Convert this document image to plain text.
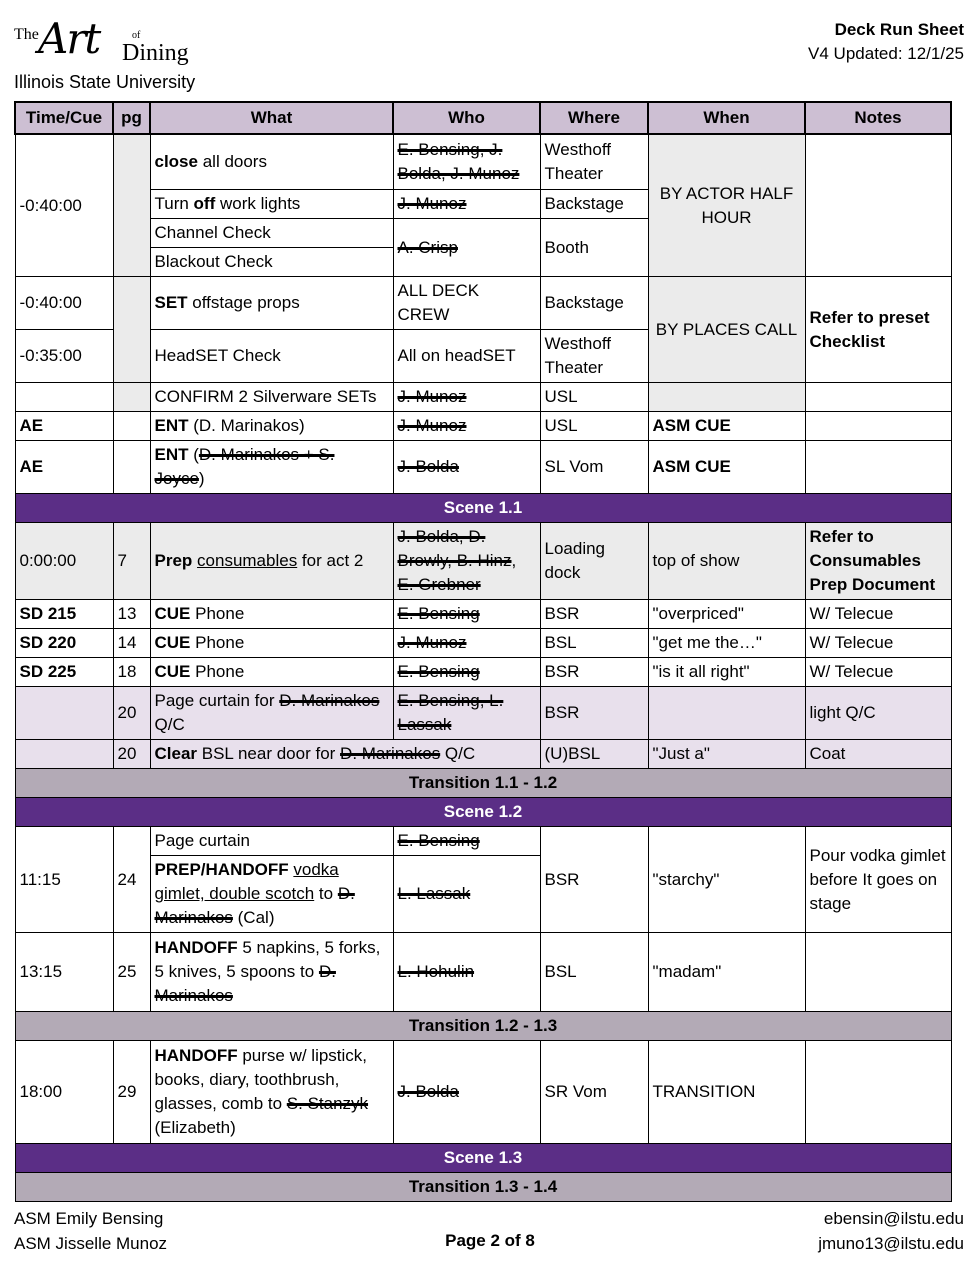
The Art	of
Dining
Illinois State University
Deck Run Sheet
V4 Updated: 12/1/25
Time/Cue	pg	What	Who	Where	When	Notes
-0:40:00		close all doors	E. Bensing, J. Bolda, J. Munoz	Westhoff Theater	BY ACTOR HALF HOUR	
		Turn off work lights	J. Munoz	Backstage		
		Channel Check	A. Crisp	Booth		
		Blackout Check				
-0:40:00		SET offstage props	ALL DECK CREW	Backstage	BY PLACES CALL	Refer to preset Checklist
-0:35:00		HeadSET Check	All on headSET	Westhoff Theater		
		CONFIRM 2 Silverware SETs	J. Munoz	USL		
AE		ENT (D. Marinakos)	J. Munoz	USL	ASM CUE	
AE		ENT (D. Marinakos + S. Joyce)	J. Bolda	SL Vom	ASM CUE	
Scene 1.1						
0:00:00	7	Prep consumables for act 2	J. Bolda, D. Browly, B. Hinz, E. Grebner	Loading dock	top of show	Refer to Consumables Prep Document
SD 215	13	CUE Phone	E. Bensing	BSR	"overpriced"	W/ Telecue
SD 220	14	CUE Phone	J. Munoz	BSL	"get me the…"	W/ Telecue
SD 225	18	CUE Phone	E. Bensing	BSR	"is it all right"	W/ Telecue
	20	Page curtain for D. Marinakos Q/C	E. Bensing, L. Lassak	BSR		light Q/C
	20	Clear BSL near door for D. Marinakos Q/C		(U)BSL	"Just a"	Coat
Transition 1.1 - 1.2						
Scene 1.2						
11:15	24	Page curtain	E. Bensing	BSR	"starchy"	Pour vodka gimlet before It goes on stage
		PREP/HANDOFF vodka gimlet, double scotch to D. Marinakos (Cal)	L. Lassak			
13:15	25	HANDOFF 5 napkins, 5 forks, 5 knives, 5 spoons to D. Marinakos	L. Hohulin	BSL	"madam"	
Transition 1.2 - 1.3						
18:00	29	HANDOFF purse w/ lipstick, books, diary, toothbrush, glasses, comb to S. Stanzyk (Elizabeth)	J. Bolda	SR Vom	TRANSITION	
Scene 1.3						
Transition 1.3 - 1.4						
ASM Emily Bensing
ASM Jisselle Munoz	Page 2 of 8
ebensin@ilstu.edu
jmuno13@ilstu.edu
